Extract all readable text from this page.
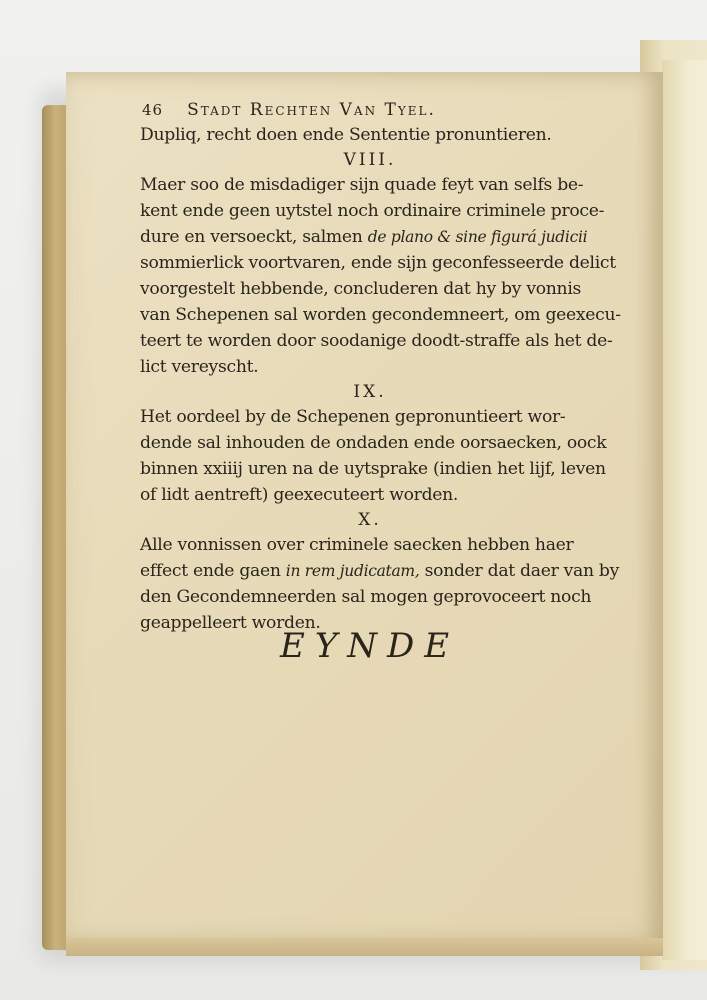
46 Stadt Rechten Van Tyel.
Dupliq, recht doen ende Sententie pronuntieren.
VIII.
Maer soo de misdadiger sijn quade feyt van selfs be-
kent ende geen uytstel noch ordinaire criminele proce-
dure en versoeckt, salmen de plano & sine figurá judicii
sommierlick voortvaren, ende sijn geconfesseerde delict
voorgestelt hebbende, concluderen dat hy by vonnis
van Schepenen sal worden gecondemneert, om geexecu-
teert te worden door soodanige doodt-straffe als het de-
lict vereyscht.
IX.
Het oordeel by de Schepenen gepronuntieert wor-
dende sal inhouden de ondaden ende oorsaecken, oock
binnen xxiiij uren na de uytsprake (indien het lijf, leven
of lidt aentreft) geexecuteert worden.
X.
Alle vonnissen over criminele saecken hebben haer
effect ende gaen in rem judicatam, sonder dat daer van by
den Gecondemneerden sal mogen geprovoceert noch
geappelleert worden.
EYNDE
